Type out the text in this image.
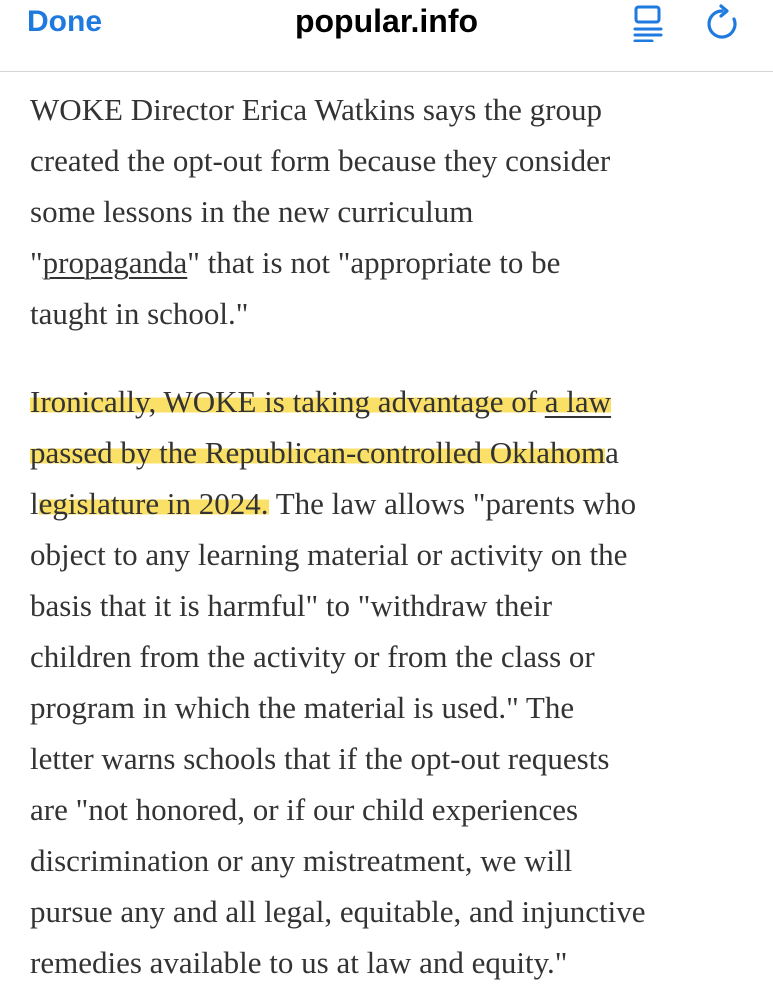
Done	popular.info

WOKE Director Erica Watkins says the group
created the opt-out form because they consider
some lessons in the new curriculum
"propaganda" that is not "appropriate to be
taught in school."

Ironically, WOKE is taking advantage of a law
passed by the Republican-controlled Oklahoma
legislature in 2024. The law allows "parents who
object to any learning material or activity on the
basis that it is harmful" to "withdraw their
children from the activity or from the class or
program in which the material is used." The
letter warns schools that if the opt-out requests
are "not honored, or if our child experiences
discrimination or any mistreatment, we will
pursue any and all legal, equitable, and injunctive
remedies available to us at law and equity."
